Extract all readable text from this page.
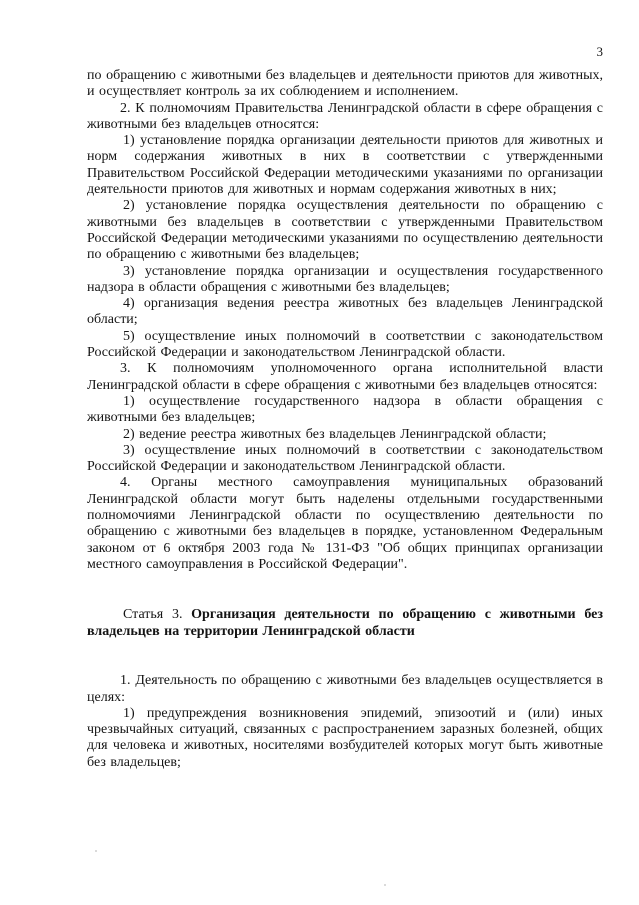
3

по обращению с животными без владельцев и деятельности приютов для животных, и осуществляет контроль за их соблюдением и исполнением.

2. К полномочиям Правительства Ленинградской области в сфере обращения с животными без владельцев относятся:

1) установление порядка организации деятельности приютов для животных и норм содержания животных в них в соответствии с утвержденными Правительством Российской Федерации методическими указаниями по организации деятельности приютов для животных и нормам содержания животных в них;

2) установление порядка осуществления деятельности по обращению с животными без владельцев в соответствии с утвержденными Правительством Российской Федерации методическими указаниями по осуществлению деятельности по обращению с животными без владельцев;

3) установление порядка организации и осуществления государственного надзора в области обращения с животными без владельцев;

4) организация ведения реестра животных без владельцев Ленинградской области;

5) осуществление иных полномочий в соответствии с законодательством Российской Федерации и законодательством Ленинградской области.

3. К полномочиям уполномоченного органа исполнительной власти Ленинградской области в сфере обращения с животными без владельцев относятся:

1) осуществление государственного надзора в области обращения с животными без владельцев;

2) ведение реестра животных без владельцев Ленинградской области;

3) осуществление иных полномочий в соответствии с законодательством Российской Федерации и законодательством Ленинградской области.

4. Органы местного самоуправления муниципальных образований Ленинградской области могут быть наделены отдельными государственными полномочиями Ленинградской области по осуществлению деятельности по обращению с животными без владельцев в порядке, установленном Федеральным законом от 6 октября 2003 года № 131-ФЗ "Об общих принципах организации местного самоуправления в Российской Федерации".

Статья 3. Организация деятельности по обращению с животными без владельцев на территории Ленинградской области

1. Деятельность по обращению с животными без владельцев осуществляется в целях:

1) предупреждения возникновения эпидемий, эпизоотий и (или) иных чрезвычайных ситуаций, связанных с распространением заразных болезней, общих для человека и животных, носителями возбудителей которых могут быть животные без владельцев;
